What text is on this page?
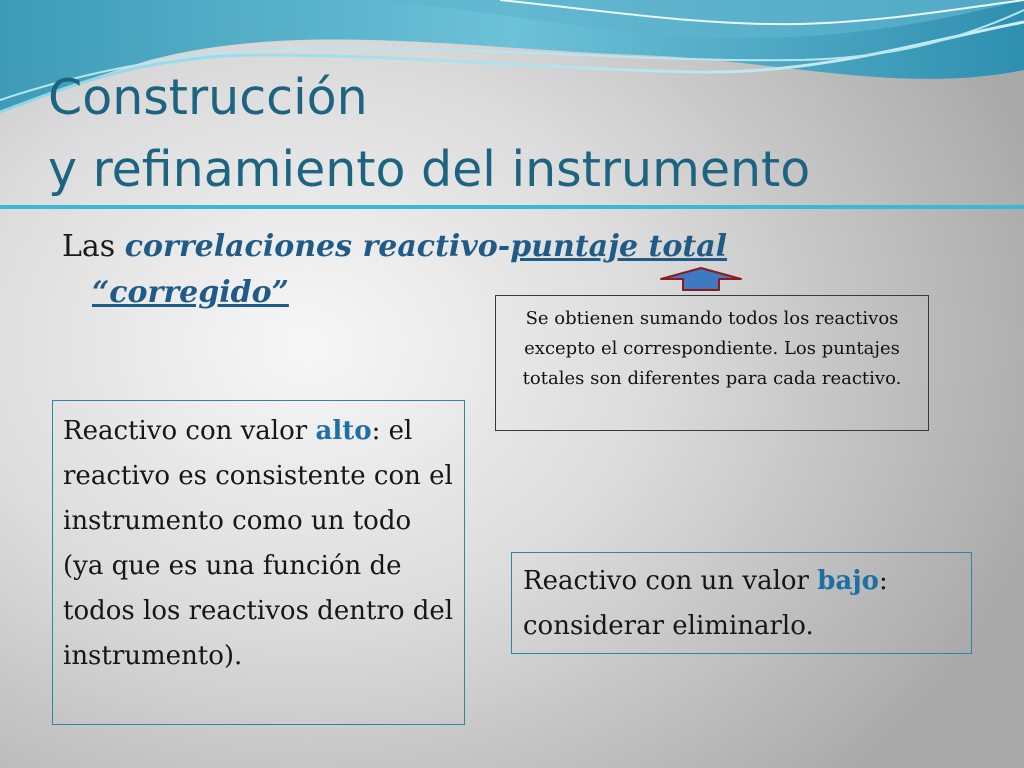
Construcción
y refinamiento del instrumento
Las correlaciones reactivo-puntaje total
“corregido”
Se obtienen sumando todos los reactivos excepto el correspondiente. Los puntajes totales son diferentes para cada reactivo.
Reactivo con valor alto: el reactivo es consistente con el instrumento como un todo (ya que es una función de todos los reactivos dentro del instrumento).
Reactivo con un valor bajo: considerar eliminarlo.
